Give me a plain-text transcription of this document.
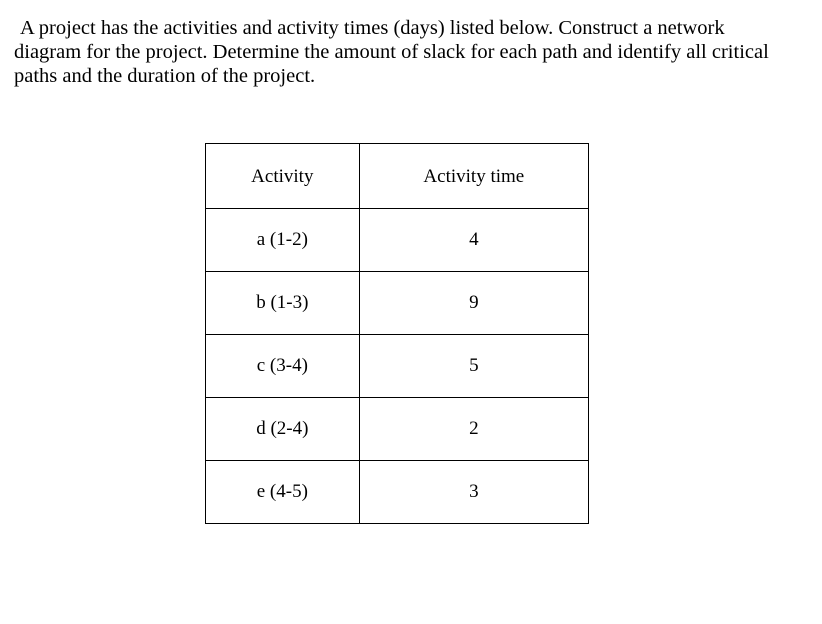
A project has the activities and activity times (days) listed below. Construct a network
diagram for the project. Determine the amount of slack for each path and identify all critical
paths and the duration of the project.

Activity	Activity time
a (1-2)	4
b (1-3)	9
c (3-4)	5
d (2-4)	2
e (4-5)	3
